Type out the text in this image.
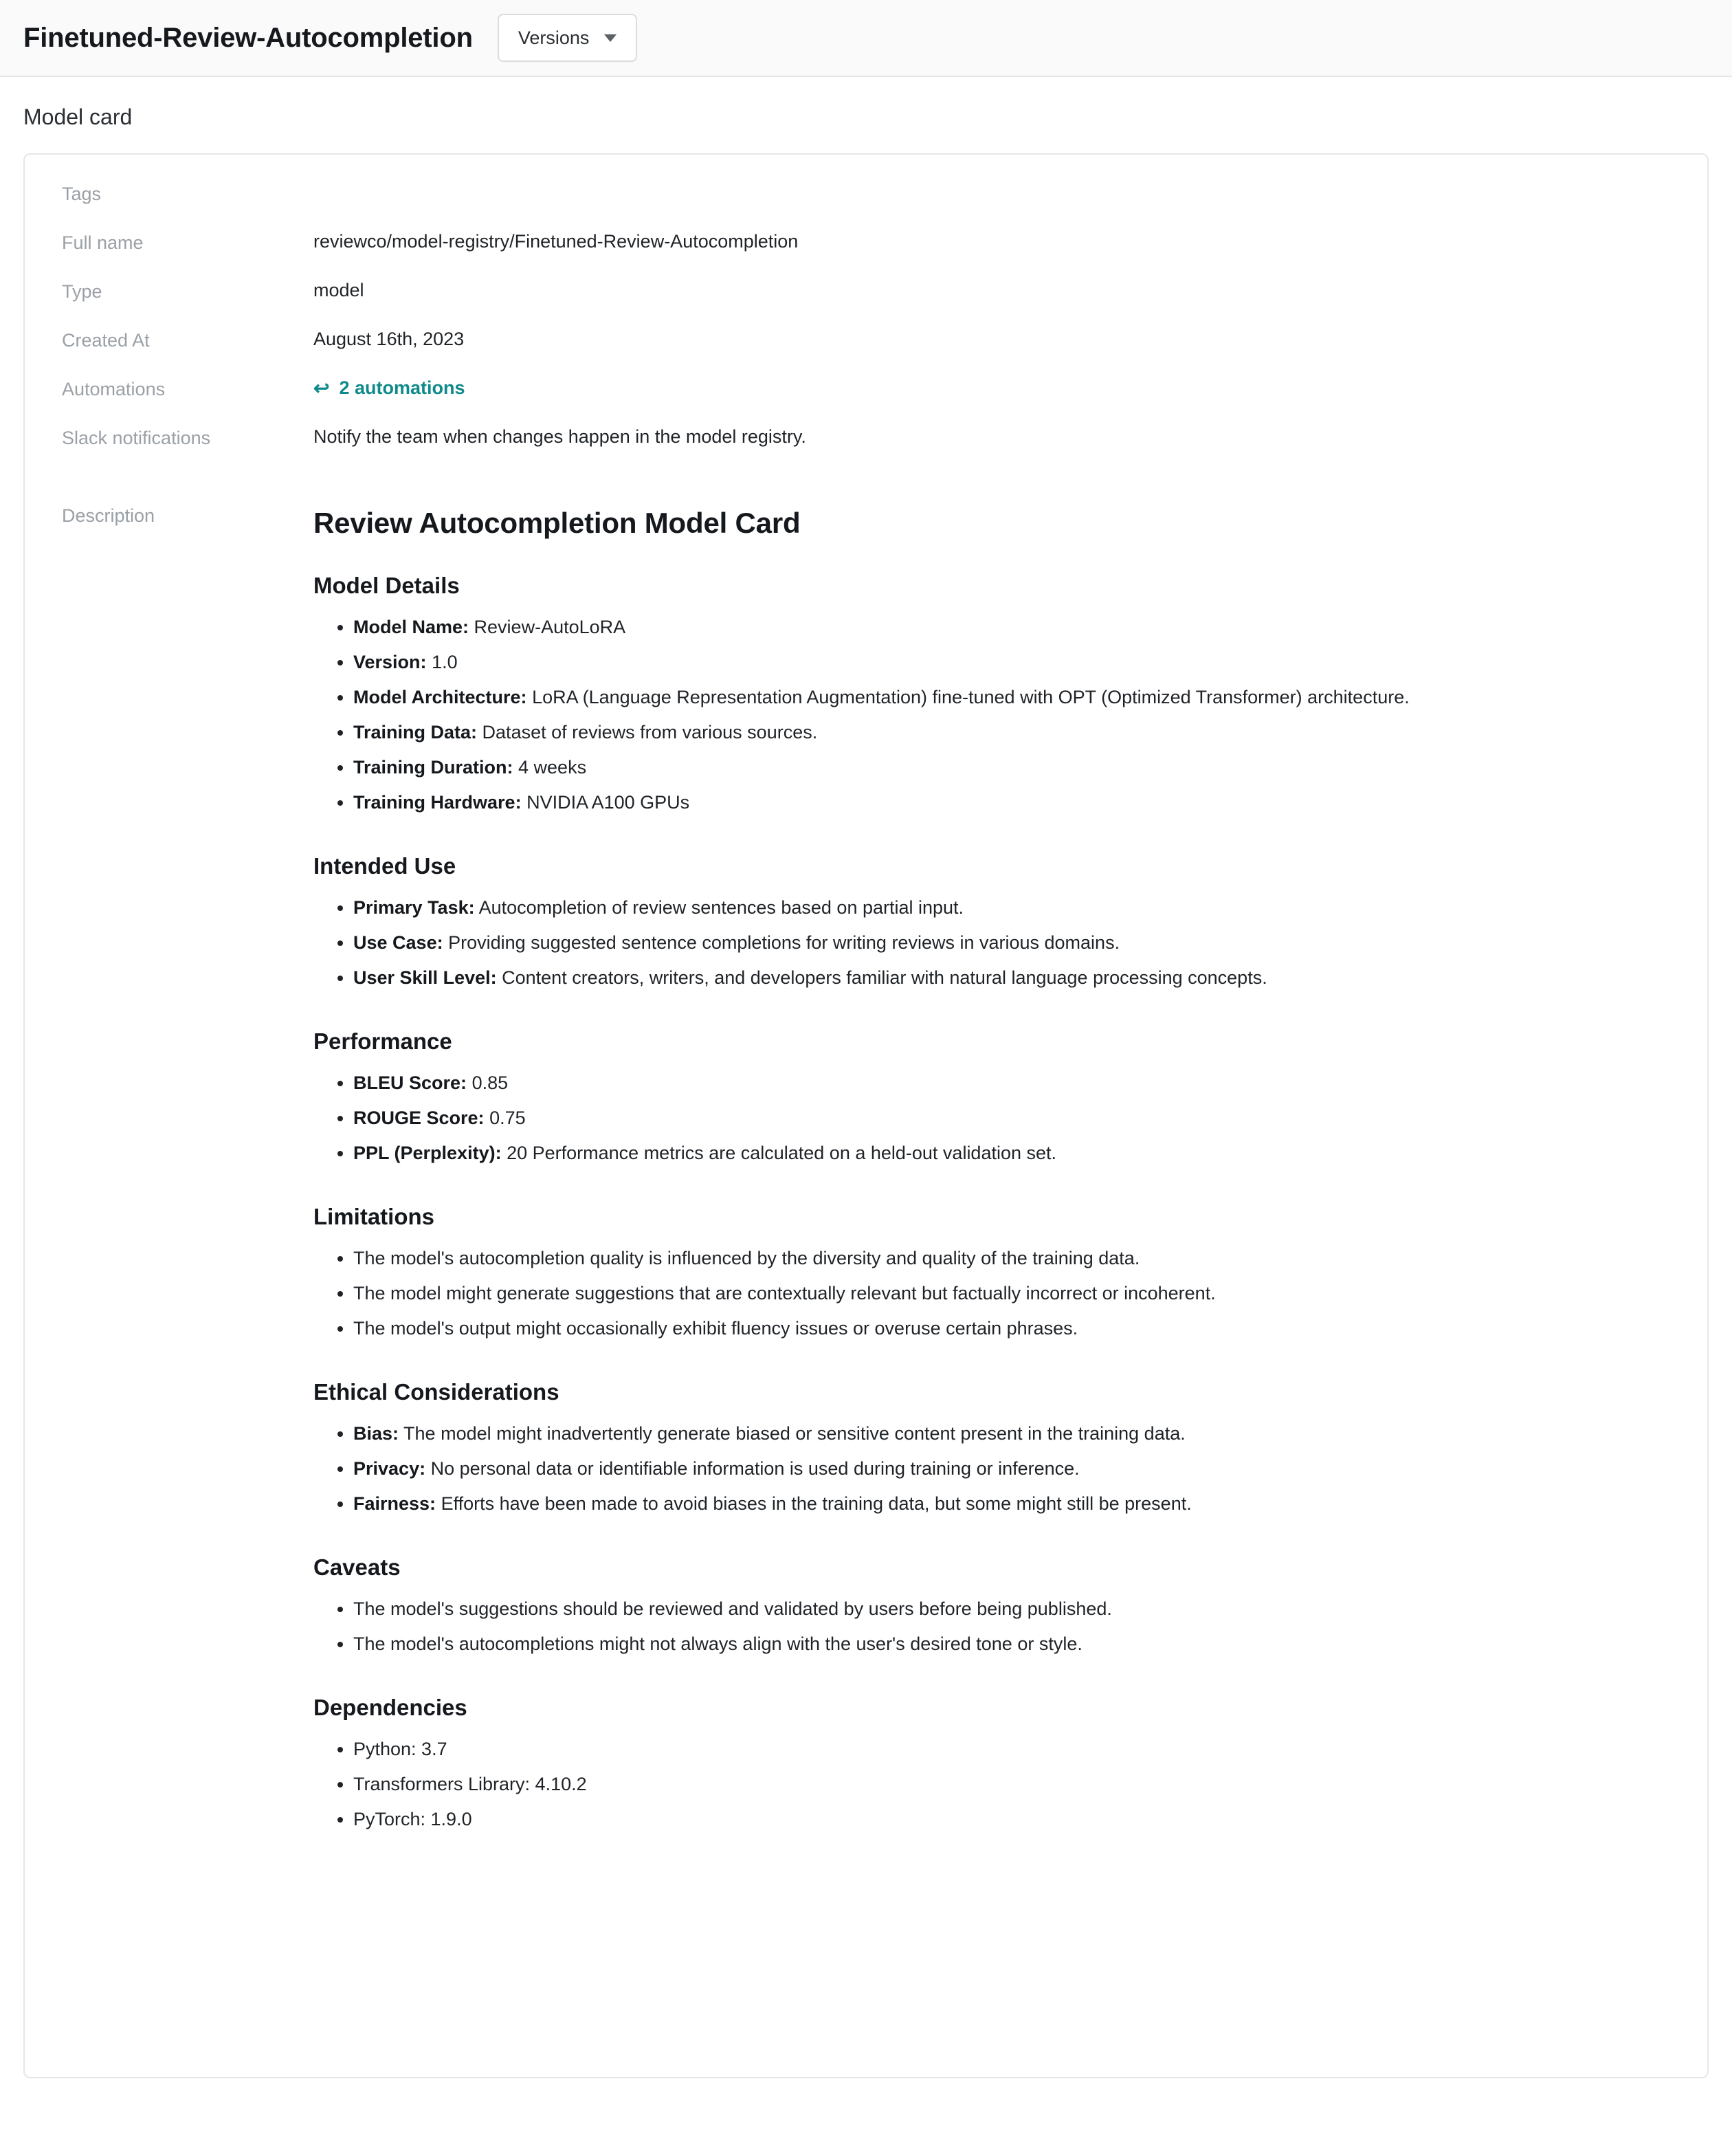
Finetuned-Review-Autocompletion Versions
Model card
Tags
Full name	reviewco/model-registry/Finetuned-Review-Autocompletion
Type	model
Created At	August 16th, 2023
Automations	↩ 2 automations
Slack notifications	Notify the team when changes happen in the model registry.
Description	Review Autocompletion Model Card
Model Details
• Model Name: Review-AutoLoRA
• Version: 1.0
• Model Architecture: LoRA (Language Representation Augmentation) fine-tuned with OPT (Optimized Transformer) architecture.
• Training Data: Dataset of reviews from various sources.
• Training Duration: 4 weeks
• Training Hardware: NVIDIA A100 GPUs
Intended Use
• Primary Task: Autocompletion of review sentences based on partial input.
• Use Case: Providing suggested sentence completions for writing reviews in various domains.
• User Skill Level: Content creators, writers, and developers familiar with natural language processing concepts.
Performance
• BLEU Score: 0.85
• ROUGE Score: 0.75
• PPL (Perplexity): 20 Performance metrics are calculated on a held-out validation set.
Limitations
• The model's autocompletion quality is influenced by the diversity and quality of the training data.
• The model might generate suggestions that are contextually relevant but factually incorrect or incoherent.
• The model's output might occasionally exhibit fluency issues or overuse certain phrases.
Ethical Considerations
• Bias: The model might inadvertently generate biased or sensitive content present in the training data.
• Privacy: No personal data or identifiable information is used during training or inference.
• Fairness: Efforts have been made to avoid biases in the training data, but some might still be present.
Caveats
• The model's suggestions should be reviewed and validated by users before being published.
• The model's autocompletions might not always align with the user's desired tone or style.
Dependencies
• Python: 3.7
• Transformers Library: 4.10.2
• PyTorch: 1.9.0
